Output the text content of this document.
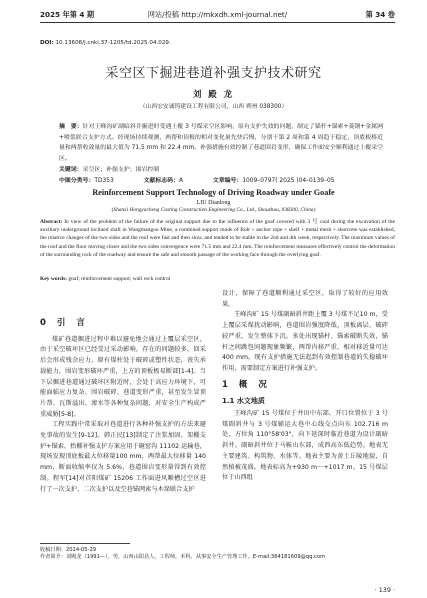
2025 年第 4 期	网站/投稿 http://mkxdh.xml-journal.net/	第 34 卷
DOI: 10.13606/j.cnki.37-1205/td.2025.04.029.
采空区下掘进巷道补强支护技术研究
刘 殿 龙
（山西宏安诚铸建设工程有限公司，山西 朔州 038300）
摘　要：针对王峰沟矿副暗斜井掘进时受遇上覆 3 号煤采空区影响，原有支护失效的问题，制定了锚杆+锚索+菱钢+金属网+喷浆联合支护方式。经现场持续观测，两帮和顶板的相对变化量先快后慢，分别于第 2 周和第 4 周趋于稳定，顶底板移近量和两帮收敛量的最大值为 71.5 mm 和 22.4 mm。补强措施有效控制了巷道围岩变形，确保工作面安全顺利通过上覆采空区。
关键词：采空区；补强支护；围岩控制
中图分类号：TD353	文献标志码：A	文章编号：1009–0797( 2025 )04–0139–05
Reinforcement Support Technology of Driving Roadway under Goafe
LIU Dianlong
(Shanxi Hongyacheng Casting Construction Engineering Co., Ltd., Shouzhou, 038300, China)
Abstract: In view of the problem of the failure of the original support due to the influence of the goaf covered with 3 号 coal during the excavation of the auxiliary underground inclined shaft in Wangmangou Mine, a combined support mode of Bolt + anchor rope + shelf + metal mesh + shotcrete was established, the relative changes of the two sides and the roof were fast and then slow, and tended to be stable in the 2nd and 4th week, respectively. The maximum values of the roof and the floor moving closer and the two sides convergence were 71.5 mm and 22.4 mm. The reinforcement measures effectively control the deformation of the surrounding rock of the roadway and ensure the safe and smooth passage of the working face through the overlying goaf.
Key words: goaf; reinforcement support; wall rock control
0 引 言

煤矿巷道掘进过程中难以避免地会通过上覆层采空区，由于采空破坏区已经受过采动影响，存在的问题较多，回采后会形成残余应力，原有煤柱处于破碎或塑性状态，丧失承载能力，围岩变形破坏严重，上方的顶板极易断部[1-4]。当下层掘进巷道通过破坏区附近时，会处于高应力环境下，可能面临应力复杂、围岩破碎、巷道变形严重，甚至发生冒顶片帮、瓦斯溢出、渗水等各种复杂问题，对安全生产构成严重威胁[5-8]。

工程实践中常采取对巷道进行各种补强支护的方法来避免事故的发生[9-12]。韩正民[13]制定了注浆加固、架棚支护+锚索、抬棚补强支护方案应用于砸窑沟 11102 运输巷，现场发现顶底板最大位移量100 mm，两帮最大位移量 140 mm，断面收缩率仅为 5.6%，巷道围岩变形量得到有效控制。程军[14]对首阳煤矿 15206 工作面进风顺槽过空区进行了一次支护、二次支护以及空巷锚网索与木垛联合支护

设计，保障了巷道顺利通过采空区，取得了较好的应用效果。

王峰沟矿 15 号煤副暗斜井距上覆 3 号煤不足10 m，受上覆层采煤扰动影响，巷道围岩强度降低，顶板离层、破碎较严重，发生整体下沉。多处出现锚杆、锚索破断失效，锚杆之间跳包问题现象频繁，两帮内移严重，相对移近量可达400 mm。现有支护措施无法起到有效控制巷道的失稳破坏作用，需要制定方案进行补强支护。

1 概 况
1.1 水文地质

王峰沟矿 15 号煤位于井田中东部，开口位置位于 3 号煤副斜井与 3 号煤辅运大巷中心线交点向东 102.716 m 处，方位角 110°58'03"，向下延深时临近巷道为设计副暗斜井。副暗斜井位于马鞍山东部，成西高东低趋势。地表无主要建筑、构筑物、水体等。地表主要为黄土丘陵地貌，自然植被茂盛。地表标高为+930 m～+1017 m。15 号煤层位于山西组

收稿日期：2024-05-29
作者简介：刘殿龙（1991—），男，山西山阳县人，工程师，本科，从事安全生产管理工作。E-mail:364181609@qq.com
· 139 ·
